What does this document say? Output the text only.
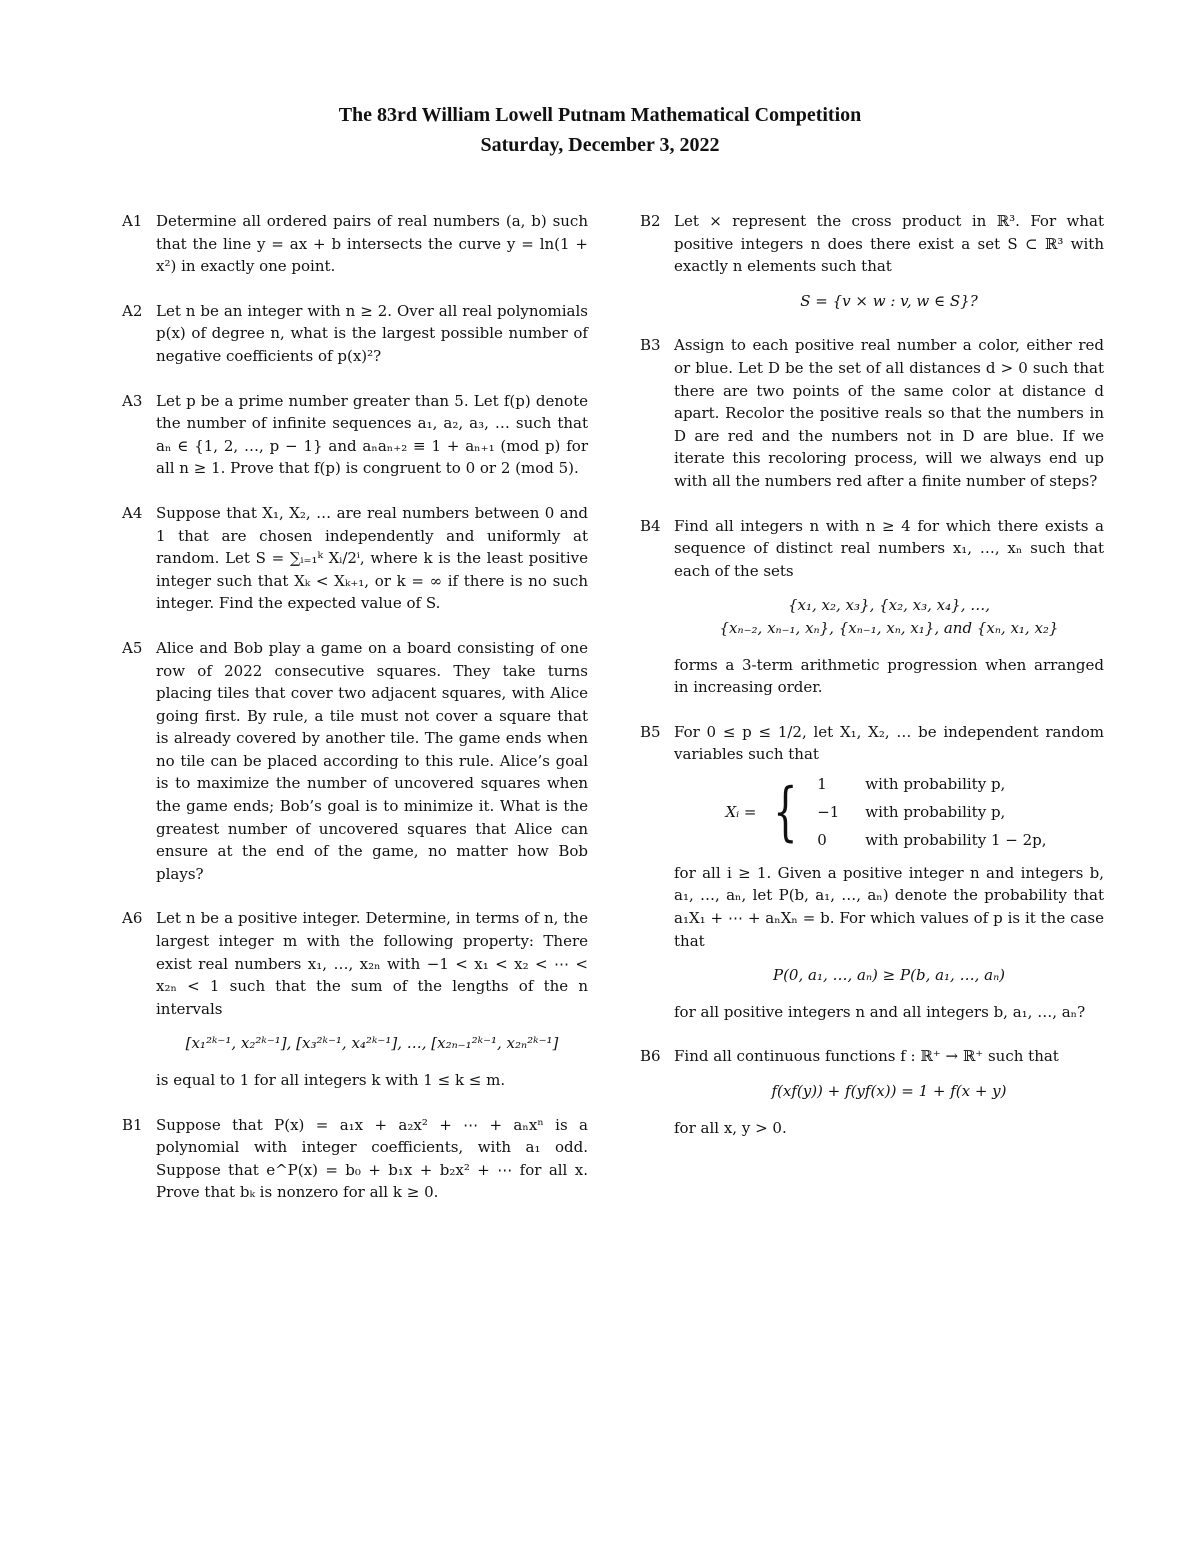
The 83rd William Lowell Putnam Mathematical Competition
Saturday, December 3, 2022
A1 Determine all ordered pairs of real numbers (a, b) such that the line y = ax + b intersects the curve y = ln(1 + x²) in exactly one point.
A2 Let n be an integer with n ≥ 2. Over all real polynomials p(x) of degree n, what is the largest possible number of negative coefficients of p(x)²?
A3 Let p be a prime number greater than 5. Let f(p) denote the number of infinite sequences a₁, a₂, a₃, … such that aₙ ∈ {1, 2, …, p − 1} and aₙaₙ₊₂ ≡ 1 + aₙ₊₁ (mod p) for all n ≥ 1. Prove that f(p) is congruent to 0 or 2 (mod 5).
A4 Suppose that X₁, X₂, … are real numbers between 0 and 1 that are chosen independently and uniformly at random. Let S = ∑ᵢ₌₁ᵏ Xᵢ/2ⁱ, where k is the least positive integer such that Xₖ < Xₖ₊₁, or k = ∞ if there is no such integer. Find the expected value of S.
A5 Alice and Bob play a game on a board consisting of one row of 2022 consecutive squares. They take turns placing tiles that cover two adjacent squares, with Alice going first. By rule, a tile must not cover a square that is already covered by another tile. The game ends when no tile can be placed according to this rule. Alice’s goal is to maximize the number of uncovered squares when the game ends; Bob’s goal is to minimize it. What is the greatest number of uncovered squares that Alice can ensure at the end of the game, no matter how Bob plays?
A6 Let n be a positive integer. Determine, in terms of n, the largest integer m with the following property: There exist real numbers x₁, …, x₂ₙ with −1 < x₁ < x₂ < ⋯ < x₂ₙ < 1 such that the sum of the lengths of the n intervals
[x₁²ᵏ⁻¹, x₂²ᵏ⁻¹], [x₃²ᵏ⁻¹, x₄²ᵏ⁻¹], …, [x₂ₙ₋₁²ᵏ⁻¹, x₂ₙ²ᵏ⁻¹]
is equal to 1 for all integers k with 1 ≤ k ≤ m.
B1 Suppose that P(x) = a₁x + a₂x² + ⋯ + aₙxⁿ is a polynomial with integer coefficients, with a₁ odd. Suppose that e^P(x) = b₀ + b₁x + b₂x² + ⋯ for all x. Prove that bₖ is nonzero for all k ≥ 0.
B2 Let × represent the cross product in ℝ³. For what positive integers n does there exist a set S ⊂ ℝ³ with exactly n elements such that
S = {v × w : v, w ∈ S}?
B3 Assign to each positive real number a color, either red or blue. Let D be the set of all distances d > 0 such that there are two points of the same color at distance d apart. Recolor the positive reals so that the numbers in D are red and the numbers not in D are blue. If we iterate this recoloring process, will we always end up with all the numbers red after a finite number of steps?
B4 Find all integers n with n ≥ 4 for which there exists a sequence of distinct real numbers x₁, …, xₙ such that each of the sets
{x₁, x₂, x₃}, {x₂, x₃, x₄}, …,
{xₙ₋₂, xₙ₋₁, xₙ}, {xₙ₋₁, xₙ, x₁}, and {xₙ, x₁, x₂}
forms a 3-term arithmetic progression when arranged in increasing order.
B5 For 0 ≤ p ≤ 1/2, let X₁, X₂, … be independent random variables such that
Xᵢ = { 1	with probability p,
−1	with probability p,
0	with probability 1 − 2p,
for all i ≥ 1. Given a positive integer n and integers b, a₁, …, aₙ, let P(b, a₁, …, aₙ) denote the probability that a₁X₁ + ⋯ + aₙXₙ = b. For which values of p is it the case that
P(0, a₁, …, aₙ) ≥ P(b, a₁, …, aₙ)
for all positive integers n and all integers b, a₁, …, aₙ?
B6 Find all continuous functions f : ℝ⁺ → ℝ⁺ such that
f(xf(y)) + f(yf(x)) = 1 + f(x + y)
for all x, y > 0.
